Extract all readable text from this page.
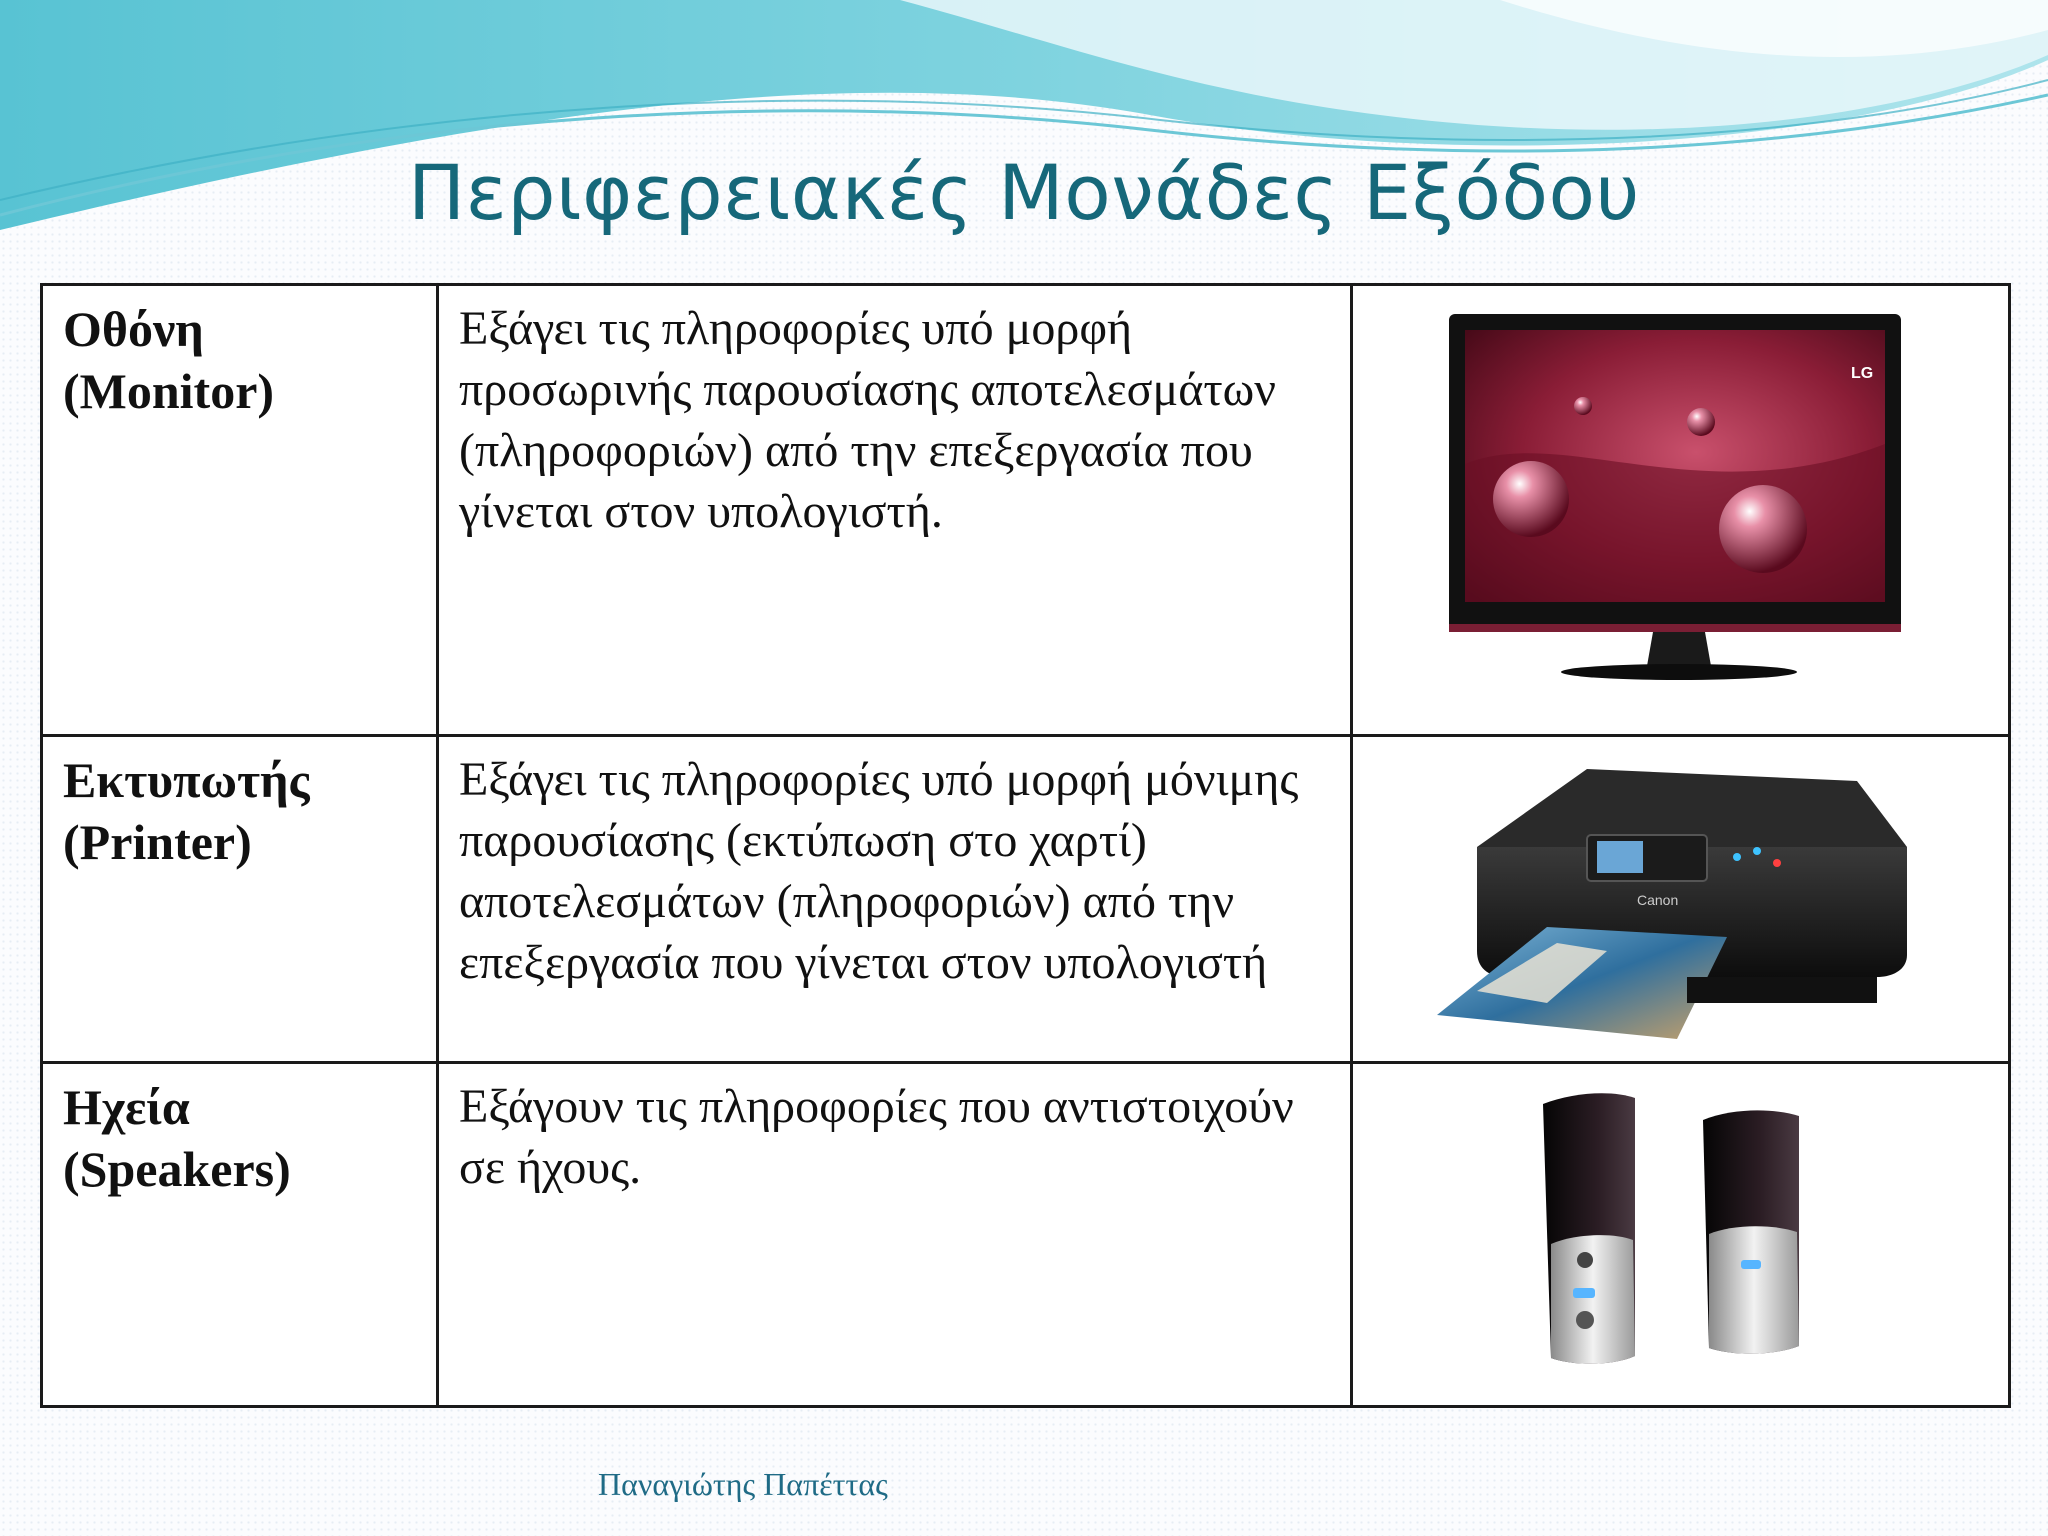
Περιφερειακές Μονάδες Εξόδου
Οθόνη
(Monitor)	Εξάγει τις πληροφορίες υπό μορφή προσωρινής παρουσίασης αποτελεσμάτων (πληροφοριών) από την επεξεργασία που γίνεται στον υπολογιστή.	LG

Εκτυπωτής
(Printer)	Εξάγει τις πληροφορίες υπό μορφή μόνιμης παρουσίασης (εκτύπωση στο χαρτί) αποτελεσμάτων (πληροφοριών) από την επεξεργασία που γίνεται στον υπολογιστή	Canon

Ηχεία
(Speakers)	Εξάγουν τις πληροφορίες που αντιστοιχούν σε ήχους.

Παναγιώτης Παπέττας
